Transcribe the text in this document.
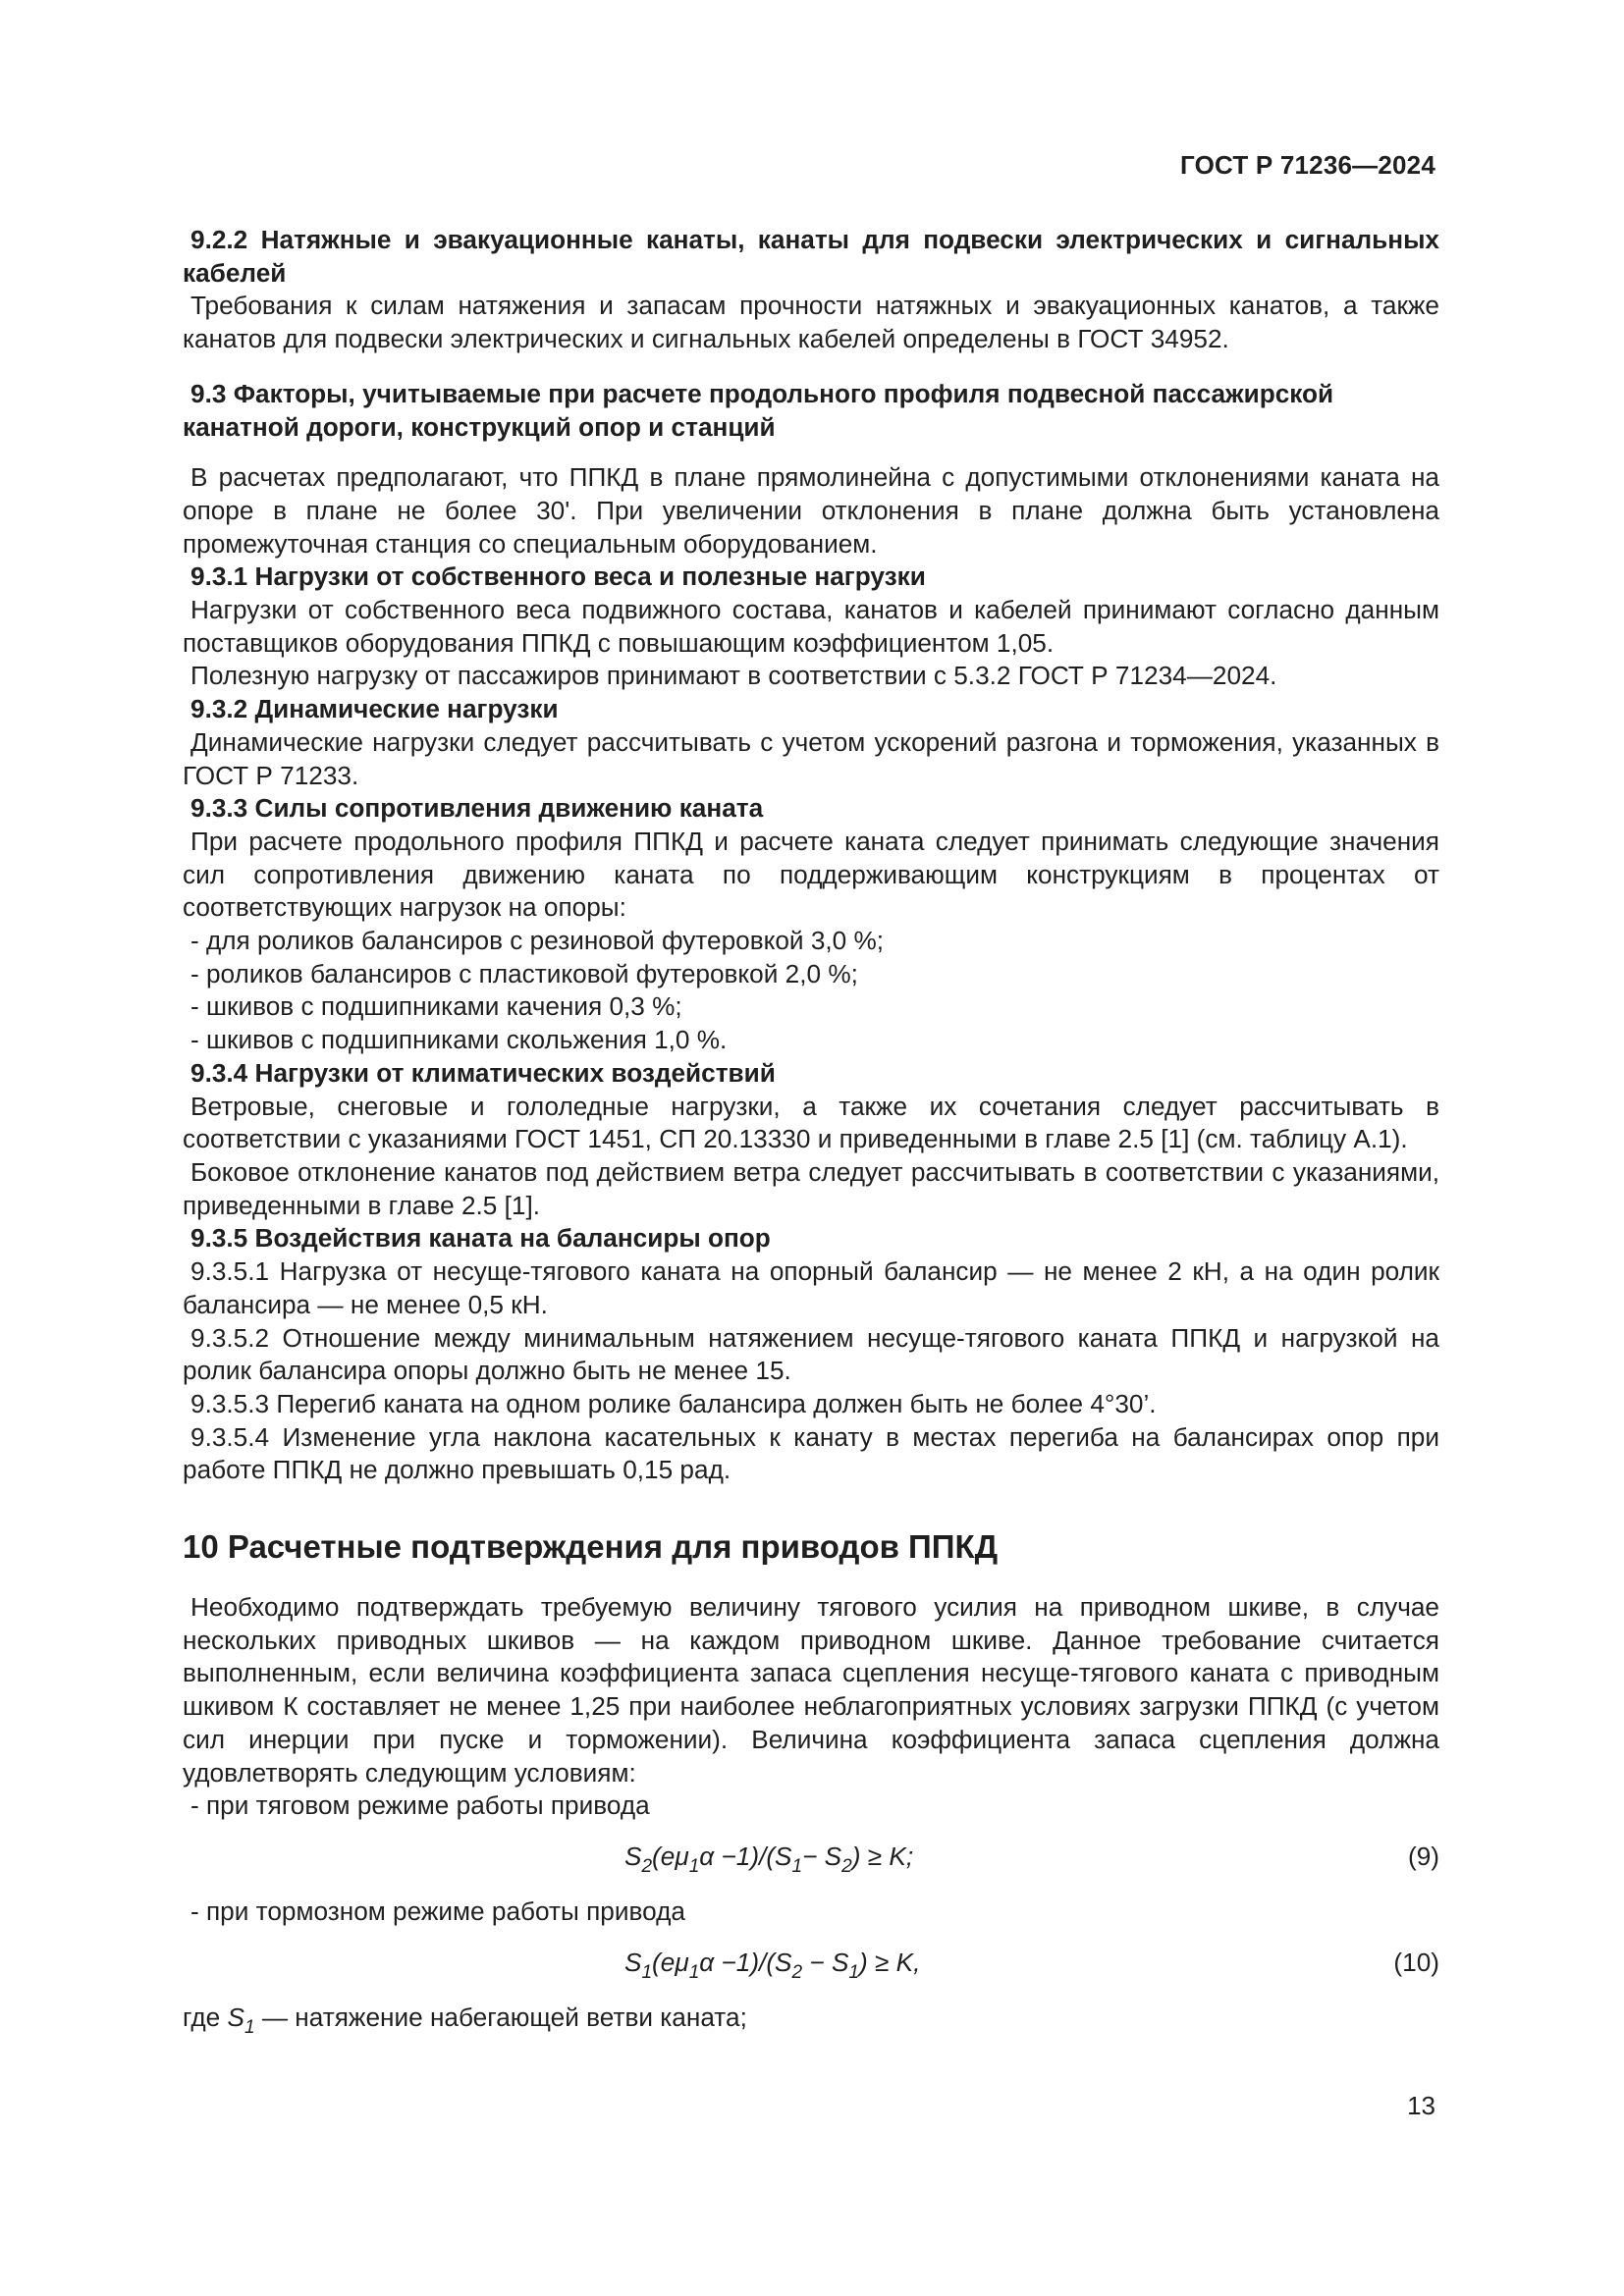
ГОСТ Р 71236—2024

9.2.2 Натяжные и эвакуационные канаты, канаты для подвески электрических и сигнальных кабелей

Требования к силам натяжения и запасам прочности натяжных и эвакуационных канатов, а также канатов для подвески электрических и сигнальных кабелей определены в ГОСТ 34952.

9.3 Факторы, учитываемые при расчете продольного профиля подвесной пассажирской канатной дороги, конструкций опор и станций

В расчетах предполагают, что ППКД в плане прямолинейна с допустимыми отклонениями каната на опоре в плане не более 30'. При увеличении отклонения в плане должна быть установлена промежуточная станция со специальным оборудованием.

9.3.1 Нагрузки от собственного веса и полезные нагрузки

Нагрузки от собственного веса подвижного состава, канатов и кабелей принимают согласно данным поставщиков оборудования ППКД с повышающим коэффициентом 1,05.

Полезную нагрузку от пассажиров принимают в соответствии с 5.3.2 ГОСТ Р 71234—2024.

9.3.2 Динамические нагрузки

Динамические нагрузки следует рассчитывать с учетом ускорений разгона и торможения, указанных в ГОСТ Р 71233.

9.3.3 Силы сопротивления движению каната

При расчете продольного профиля ППКД и расчете каната следует принимать следующие значения сил сопротивления движению каната по поддерживающим конструкциям в процентах от соответствующих нагрузок на опоры:

- для роликов балансиров с резиновой футеровкой 3,0 %;

- роликов балансиров с пластиковой футеровкой 2,0 %;

- шкивов с подшипниками качения 0,3 %;

- шкивов с подшипниками скольжения 1,0 %.

9.3.4 Нагрузки от климатических воздействий

Ветровые, снеговые и гололедные нагрузки, а также их сочетания следует рассчитывать в соответствии с указаниями ГОСТ 1451, СП 20.13330 и приведенными в главе 2.5 [1] (см. таблицу А.1).

Боковое отклонение канатов под действием ветра следует рассчитывать в соответствии с указаниями, приведенными в главе 2.5 [1].

9.3.5 Воздействия каната на балансиры опор

9.3.5.1 Нагрузка от несуще-тягового каната на опорный балансир — не менее 2 кН, а на один ролик балансира — не менее 0,5 кН.

9.3.5.2 Отношение между минимальным натяжением несуще-тягового каната ППКД и нагрузкой на ролик балансира опоры должно быть не менее 15.

9.3.5.3 Перегиб каната на одном ролике балансира должен быть не более 4°30’.

9.3.5.4 Изменение угла наклона касательных к канату в местах перегиба на балансирах опор при работе ППКД не должно превышать 0,15 рад.

10 Расчетные подтверждения для приводов ППКД

Необходимо подтверждать требуемую величину тягового усилия на приводном шкиве, в случае нескольких приводных шкивов — на каждом приводном шкиве. Данное требование считается выполненным, если величина коэффициента запаса сцепления несуще-тягового каната с приводным шкивом К составляет не менее 1,25 при наиболее неблагоприятных условиях загрузки ППКД (с учетом сил инерции при пуске и торможении). Величина коэффициента запаса сцепления должна удовлетворять следующим условиям:

- при тяговом режиме работы привода

$S_2(e\mu_1\alpha -1)/(S_1- S_2) \ge K$;	(9)

- при тормозном режиме работы привода

$S_1(e\mu_1\alpha -1)/(S_2 - S_1) \ge K$,	(10)

где $S_1$ — натяжение набегающей ветви каната;

13
